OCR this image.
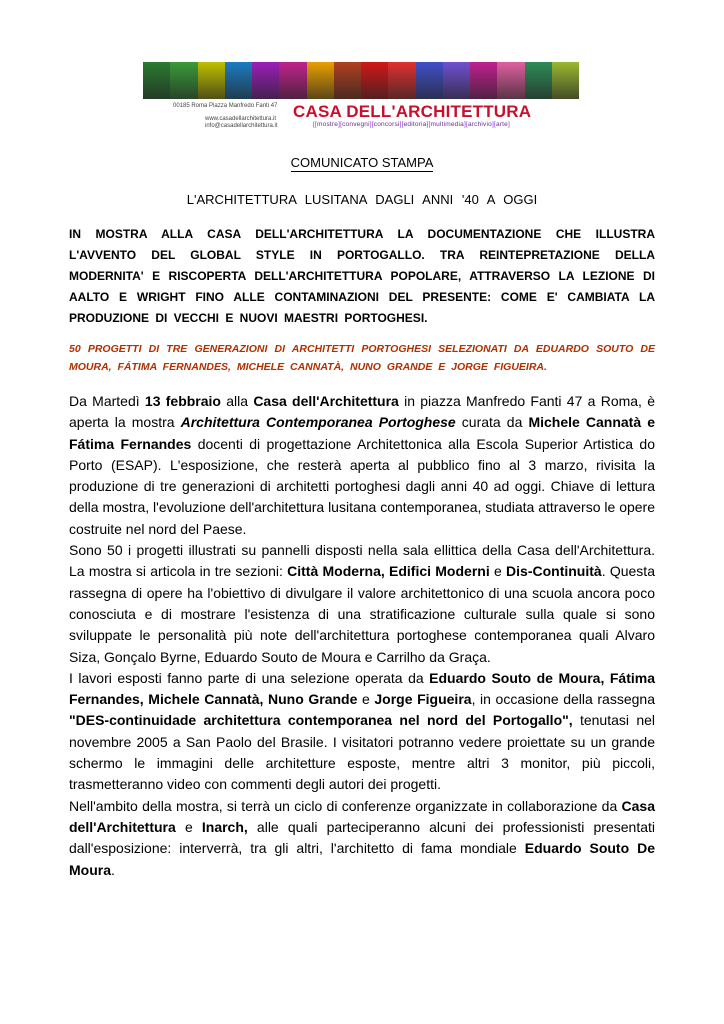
00185 Roma Piazza Manfredo Fanti 47
www.casadellarchitettura.it
info@casadellarchitettura.it
CASA DELL'ARCHITETTURA
[[mostre][convegni][concorsi][editoria][multimedia][archivio][arte]
COMUNICATO STAMPA
L'ARCHITETTURA LUSITANA DAGLI ANNI '40 A OGGI
IN MOSTRA ALLA CASA DELL'ARCHITETTURA LA DOCUMENTAZIONE CHE ILLUSTRA L'AVVENTO DEL GLOBAL STYLE IN PORTOGALLO. TRA REINTEPRETAZIONE DELLA MODERNITA' E RISCOPERTA DELL'ARCHITETTURA POPOLARE, ATTRAVERSO LA LEZIONE DI AALTO E WRIGHT FINO ALLE CONTAMINAZIONI DEL PRESENTE: COME E' CAMBIATA LA PRODUZIONE DI VECCHI E NUOVI MAESTRI PORTOGHESI.
50 PROGETTI DI TRE GENERAZIONI DI ARCHITETTI PORTOGHESI SELEZIONATI DA EDUARDO SOUTO DE MOURA, FÁTIMA FERNANDES, MICHELE CANNATÀ, NUNO GRANDE E JORGE FIGUEIRA.

Da Martedì 13 febbraio alla Casa dell'Architettura in piazza Manfredo Fanti 47 a Roma, è aperta la mostra Architettura Contemporanea Portoghese curata da Michele Cannatà e Fátima Fernandes docenti di progettazione Architettonica alla Escola Superior Artistica do Porto (ESAP). L'esposizione, che resterà aperta al pubblico fino al 3 marzo, rivisita la produzione di tre generazioni di architetti portoghesi dagli anni 40 ad oggi. Chiave di lettura della mostra, l'evoluzione dell'architettura lusitana contemporanea, studiata attraverso le opere costruite nel nord del Paese.

Sono 50 i progetti illustrati su pannelli disposti nella sala ellittica della Casa dell'Architettura. La mostra si articola in tre sezioni: Città Moderna, Edifici Moderni e Dis-Continuità. Questa rassegna di opere ha l'obiettivo di divulgare il valore architettonico di una scuola ancora poco conosciuta e di mostrare l'esistenza di una stratificazione culturale sulla quale si sono sviluppate le personalità più note dell'architettura portoghese contemporanea quali Alvaro Siza, Gonçalo Byrne, Eduardo Souto de Moura e Carrilho da Graça.

I lavori esposti fanno parte di una selezione operata da Eduardo Souto de Moura, Fátima Fernandes, Michele Cannatà, Nuno Grande e Jorge Figueira, in occasione della rassegna "DES-continuidade architettura contemporanea nel nord del Portogallo", tenutasi nel novembre 2005 a San Paolo del Brasile. I visitatori potranno vedere proiettate su un grande schermo le immagini delle architetture esposte, mentre altri 3 monitor, più piccoli, trasmetteranno video con commenti degli autori dei progetti.

Nell'ambito della mostra, si terrà un ciclo di conferenze organizzate in collaborazione da Casa dell'Architettura e Inarch, alle quali parteciperanno alcuni dei professionisti presentati dall'esposizione: interverrà, tra gli altri, l'architetto di fama mondiale Eduardo Souto De Moura.
